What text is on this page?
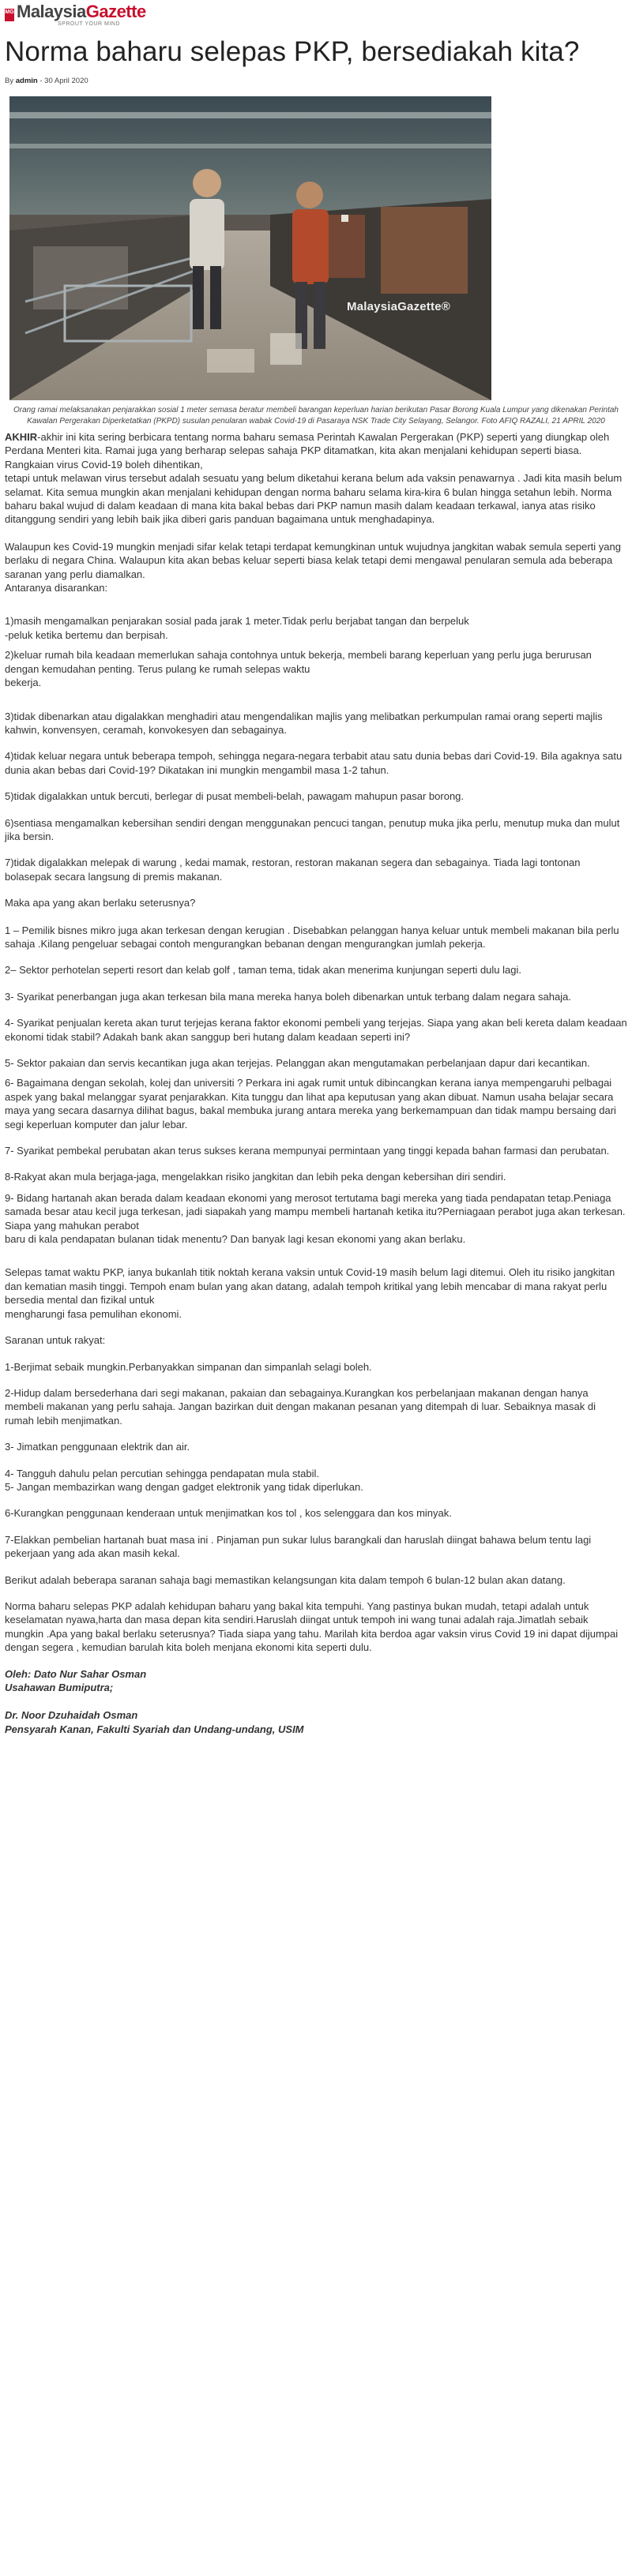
MG MalaysiaGazette
SPROUT YOUR MIND
Norma baharu selepas PKP, bersediakah kita?
By admin - 30 April 2020
MalaysiaGazette®
Orang ramai melaksanakan penjarakkan sosial 1 meter semasa beratur membeli barangan keperluan harian berikutan Pasar Borong Kuala Lumpur yang dikenakan Perintah Kawalan Pergerakan Diperketatkan (PKPD) susulan penularan wabak Covid-19 di Pasaraya NSK Trade City Selayang, Selangor. Foto AFIQ RAZALI, 21 APRIL 2020

AKHIR-akhir ini kita sering berbicara tentang norma baharu semasa Perintah Kawalan Pergerakan (PKP) seperti yang diungkap oleh Perdana Menteri kita. Ramai juga yang berharap selepas sahaja PKP ditamatkan, kita akan menjalani kehidupan seperti biasa. Rangkaian virus Covid-19 boleh dihentikan,
tetapi untuk melawan virus tersebut adalah sesuatu yang belum diketahui kerana belum ada vaksin penawarnya . Jadi kita masih belum selamat. Kita semua mungkin akan menjalani kehidupan dengan norma baharu selama kira-kira 6 bulan hingga setahun lebih. Norma baharu bakal wujud di dalam keadaan di mana kita bakal bebas dari PKP namun masih dalam keadaan terkawal, ianya atas risiko ditanggung sendiri yang lebih baik jika diberi garis panduan bagaimana untuk menghadapinya.

Walaupun kes Covid-19 mungkin menjadi sifar kelak tetapi terdapat kemungkinan untuk wujudnya jangkitan wabak semula seperti yang berlaku di negara China. Walaupun kita akan bebas keluar seperti biasa kelak tetapi demi mengawal penularan semula ada beberapa saranan yang perlu diamalkan.
Antaranya disarankan:

1)masih mengamalkan penjarakan sosial pada jarak 1 meter.Tidak perlu berjabat tangan dan berpeluk
-peluk ketika bertemu dan berpisah.

2)keluar rumah bila keadaan memerlukan sahaja contohnya untuk bekerja, membeli barang keperluan yang perlu juga berurusan dengan kemudahan penting. Terus pulang ke rumah selepas waktu
bekerja.

3)tidak dibenarkan atau digalakkan menghadiri atau mengendalikan majlis yang melibatkan perkumpulan ramai orang seperti majlis kahwin, konvensyen, ceramah, konvokesyen dan sebagainya.

4)tidak keluar negara untuk beberapa tempoh, sehingga negara-negara terbabit atau satu dunia bebas dari Covid-19. Bila agaknya satu dunia akan bebas dari Covid-19? Dikatakan ini mungkin mengambil masa 1-2 tahun.

5)tidak digalakkan untuk bercuti, berlegar di pusat membeli-belah, pawagam mahupun pasar borong.

6)sentiasa mengamalkan kebersihan sendiri dengan menggunakan pencuci tangan, penutup muka jika perlu, menutup muka dan mulut jika bersin.

7)tidak digalakkan melepak di warung , kedai mamak, restoran, restoran makanan segera dan sebagainya. Tiada lagi tontonan bolasepak secara langsung di premis makanan.

Maka apa yang akan berlaku seterusnya?

1 – Pemilik bisnes mikro juga akan terkesan dengan kerugian . Disebabkan pelanggan hanya keluar untuk membeli makanan bila perlu sahaja .Kilang pengeluar sebagai contoh mengurangkan bebanan dengan mengurangkan jumlah pekerja.

2– Sektor perhotelan seperti resort dan kelab golf , taman tema, tidak akan menerima kunjungan seperti dulu lagi.

3- Syarikat penerbangan juga akan terkesan bila mana mereka hanya boleh dibenarkan untuk terbang dalam negara sahaja.

4- Syarikat penjualan kereta akan turut terjejas kerana faktor ekonomi pembeli yang terjejas. Siapa yang akan beli kereta dalam keadaan ekonomi tidak stabil? Adakah bank akan sanggup beri hutang dalam keadaan seperti ini?

5- Sektor pakaian dan servis kecantikan juga akan terjejas. Pelanggan akan mengutamakan perbelanjaan dapur dari kecantikan.

6- Bagaimana dengan sekolah, kolej dan universiti ? Perkara ini agak rumit untuk dibincangkan kerana ianya mempengaruhi pelbagai aspek yang bakal melanggar syarat penjarakkan. Kita tunggu dan lihat apa keputusan yang akan dibuat. Namun usaha belajar secara maya yang secara dasarnya dilihat bagus, bakal membuka jurang antara mereka yang berkemampuan dan tidak mampu bersaing dari segi keperluan komputer dan jalur lebar.

7- Syarikat pembekal perubatan akan terus sukses kerana mempunyai permintaan yang tinggi kepada bahan farmasi dan perubatan.

8-Rakyat akan mula berjaga-jaga, mengelakkan risiko jangkitan dan lebih peka dengan kebersihan diri sendiri.

9- Bidang hartanah akan berada dalam keadaan ekonomi yang merosot tertutama bagi mereka yang tiada pendapatan tetap.Peniaga samada besar atau kecil juga terkesan, jadi siapakah yang mampu membeli hartanah ketika itu?Perniagaan perabot juga akan terkesan. Siapa yang mahukan perabot
baru di kala pendapatan bulanan tidak menentu? Dan banyak lagi kesan ekonomi yang akan berlaku.

Selepas tamat waktu PKP, ianya bukanlah titik noktah kerana vaksin untuk Covid-19 masih belum lagi ditemui. Oleh itu risiko jangkitan dan kematian masih tinggi. Tempoh enam bulan yang akan datang, adalah tempoh kritikal yang lebih mencabar di mana rakyat perlu bersedia mental dan fizikal untuk
mengharungi fasa pemulihan ekonomi.

Saranan untuk rakyat:

1-Berjimat sebaik mungkin.Perbanyakkan simpanan dan simpanlah selagi boleh.

2-Hidup dalam bersederhana dari segi makanan, pakaian dan sebagainya.Kurangkan kos perbelanjaan makanan dengan hanya membeli makanan yang perlu sahaja. Jangan bazirkan duit dengan makanan pesanan yang ditempah di luar. Sebaiknya masak di rumah lebih menjimatkan.

3- Jimatkan penggunaan elektrik dan air.

4- Tangguh dahulu pelan percutian sehingga pendapatan mula stabil.
5- Jangan membazirkan wang dengan gadget elektronik yang tidak diperlukan.

6-Kurangkan penggunaan kenderaan untuk menjimatkan kos tol , kos selenggara dan kos minyak.

7-Elakkan pembelian hartanah buat masa ini . Pinjaman pun sukar lulus barangkali dan haruslah diingat bahawa belum tentu lagi pekerjaan yang ada akan masih kekal.

Berikut adalah beberapa saranan sahaja bagi memastikan kelangsungan kita dalam tempoh 6 bulan-12 bulan akan datang.

Norma baharu selepas PKP adalah kehidupan baharu yang bakal kita tempuhi. Yang pastinya bukan mudah, tetapi adalah untuk keselamatan nyawa,harta dan masa depan kita sendiri.Haruslah diingat untuk tempoh ini wang tunai adalah raja.Jimatlah sebaik mungkin .Apa yang bakal berlaku seterusnya? Tiada siapa yang tahu. Marilah kita berdoa agar vaksin virus Covid 19 ini dapat dijumpai dengan segera , kemudian barulah kita boleh menjana ekonomi kita seperti dulu.

Oleh: Dato Nur Sahar Osman
Usahawan Bumiputra;
Dr. Noor Dzuhaidah Osman
Pensyarah Kanan, Fakulti Syariah dan Undang-undang, USIM
